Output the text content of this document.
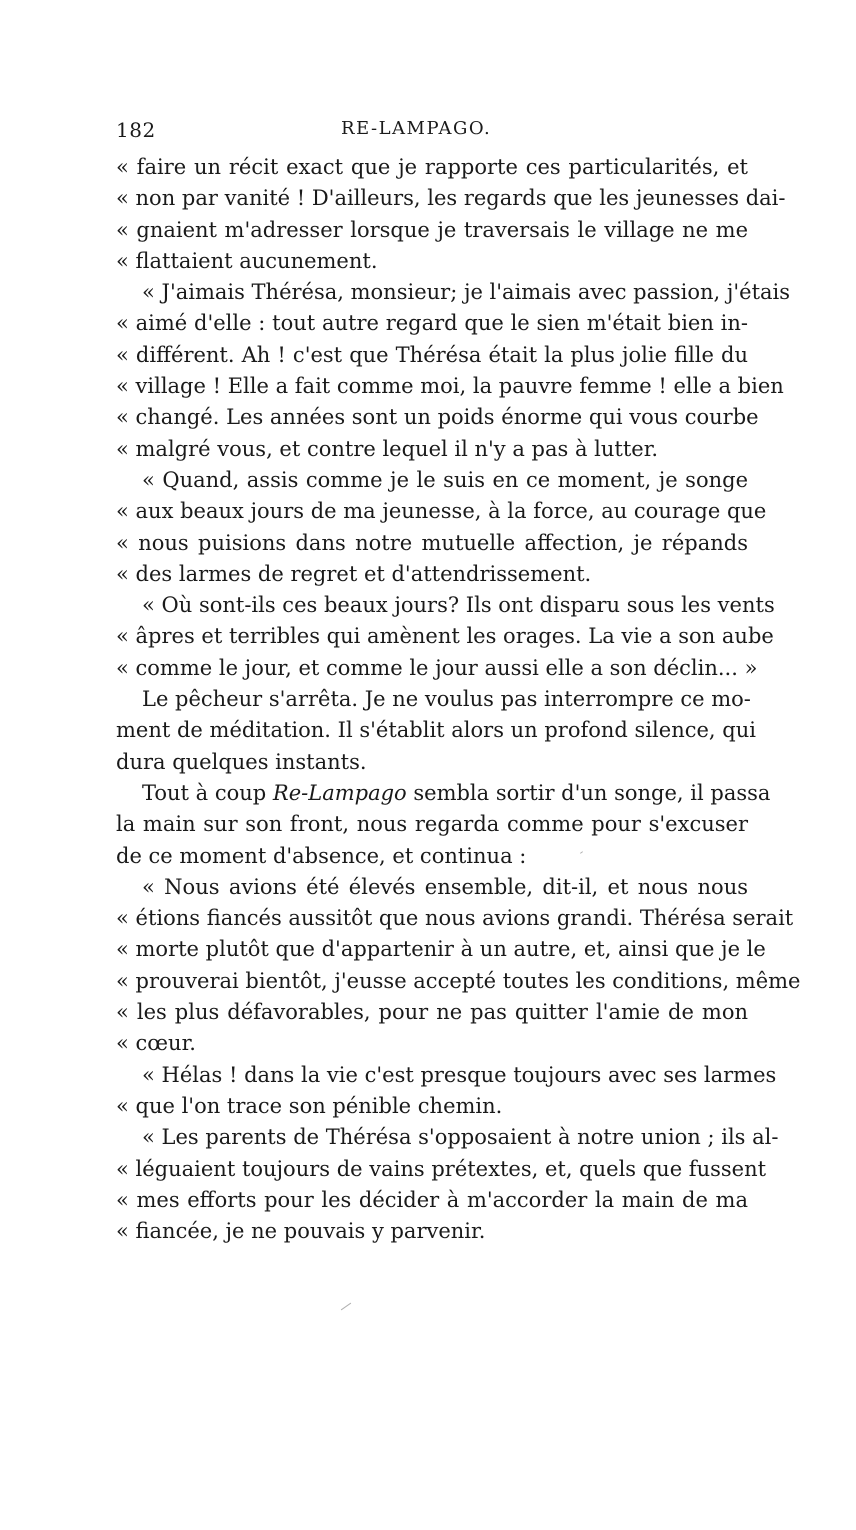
182	RE-LAMPAGO.
« faire un récit exact que je rapporte ces particularités, et
« non par vanité ! D'ailleurs, les regards que les jeunesses dai-
« gnaient m'adresser lorsque je traversais le village ne me
« flattaient aucunement.
« J'aimais Thérésa, monsieur; je l'aimais avec passion, j'étais
« aimé d'elle : tout autre regard que le sien m'était bien in-
« différent. Ah ! c'est que Thérésa était la plus jolie fille du
« village ! Elle a fait comme moi, la pauvre femme ! elle a bien
« changé. Les années sont un poids énorme qui vous courbe
« malgré vous, et contre lequel il n'y a pas à lutter.
« Quand, assis comme je le suis en ce moment, je songe
« aux beaux jours de ma jeunesse, à la force, au courage que
« nous puisions dans notre mutuelle affection, je répands
« des larmes de regret et d'attendrissement.
« Où sont-ils ces beaux jours? Ils ont disparu sous les vents
« âpres et terribles qui amènent les orages. La vie a son aube
« comme le jour, et comme le jour aussi elle a son déclin... »
Le pêcheur s'arrêta. Je ne voulus pas interrompre ce mo-
ment de méditation. Il s'établit alors un profond silence, qui
dura quelques instants.
Tout à coup Re-Lampago sembla sortir d'un songe, il passa
la main sur son front, nous regarda comme pour s'excuser
de ce moment d'absence, et continua :
« Nous avions été élevés ensemble, dit-il, et nous nous
« étions fiancés aussitôt que nous avions grandi. Thérésa serait
« morte plutôt que d'appartenir à un autre, et, ainsi que je le
« prouverai bientôt, j'eusse accepté toutes les conditions, même
« les plus défavorables, pour ne pas quitter l'amie de mon
« cœur.
« Hélas ! dans la vie c'est presque toujours avec ses larmes
« que l'on trace son pénible chemin.
« Les parents de Thérésa s'opposaient à notre union ; ils al-
« léguaient toujours de vains prétextes, et, quels que fussent
« mes efforts pour les décider à m'accorder la main de ma
« fiancée, je ne pouvais y parvenir.
